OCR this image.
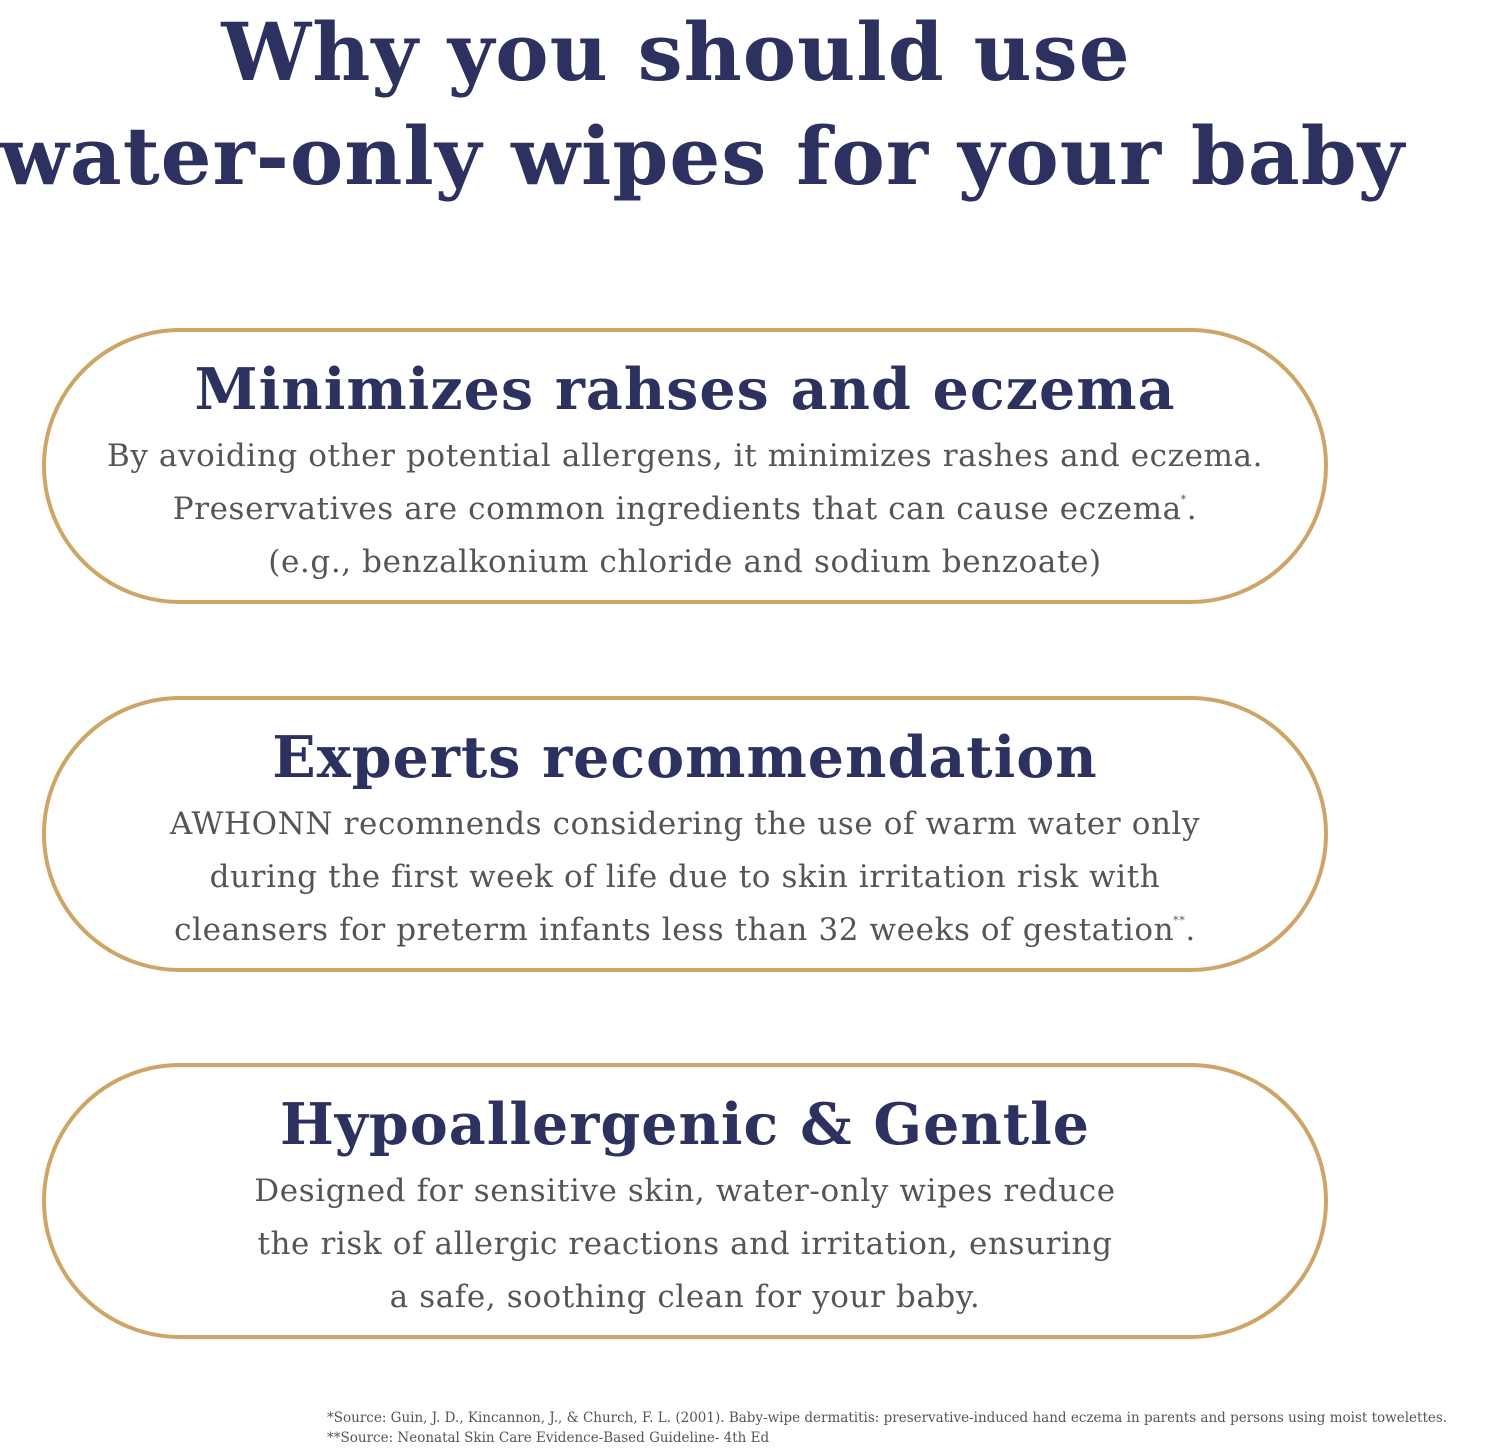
Why you should use
water-only wipes for your baby
Minimizes rahses and eczema
By avoiding other potential allergens, it minimizes rashes and eczema.
Preservatives are common ingredients that can cause eczema*.
(e.g., benzalkonium chloride and sodium benzoate)
Experts recommendation
AWHONN recomnends considering the use of warm water only
during the first week of life due to skin irritation risk with
cleansers for preterm infants less than 32 weeks of gestation**.
Hypoallergenic & Gentle
Designed for sensitive skin, water-only wipes reduce
the risk of allergic reactions and irritation, ensuring
a safe, soothing clean for your baby.
*Source: Guin, J. D., Kincannon, J., & Church, F. L. (2001). Baby-wipe dermatitis: preservative-induced hand eczema in parents and persons using moist towelettes.
**Source: Neonatal Skin Care Evidence-Based Guideline- 4th Ed
